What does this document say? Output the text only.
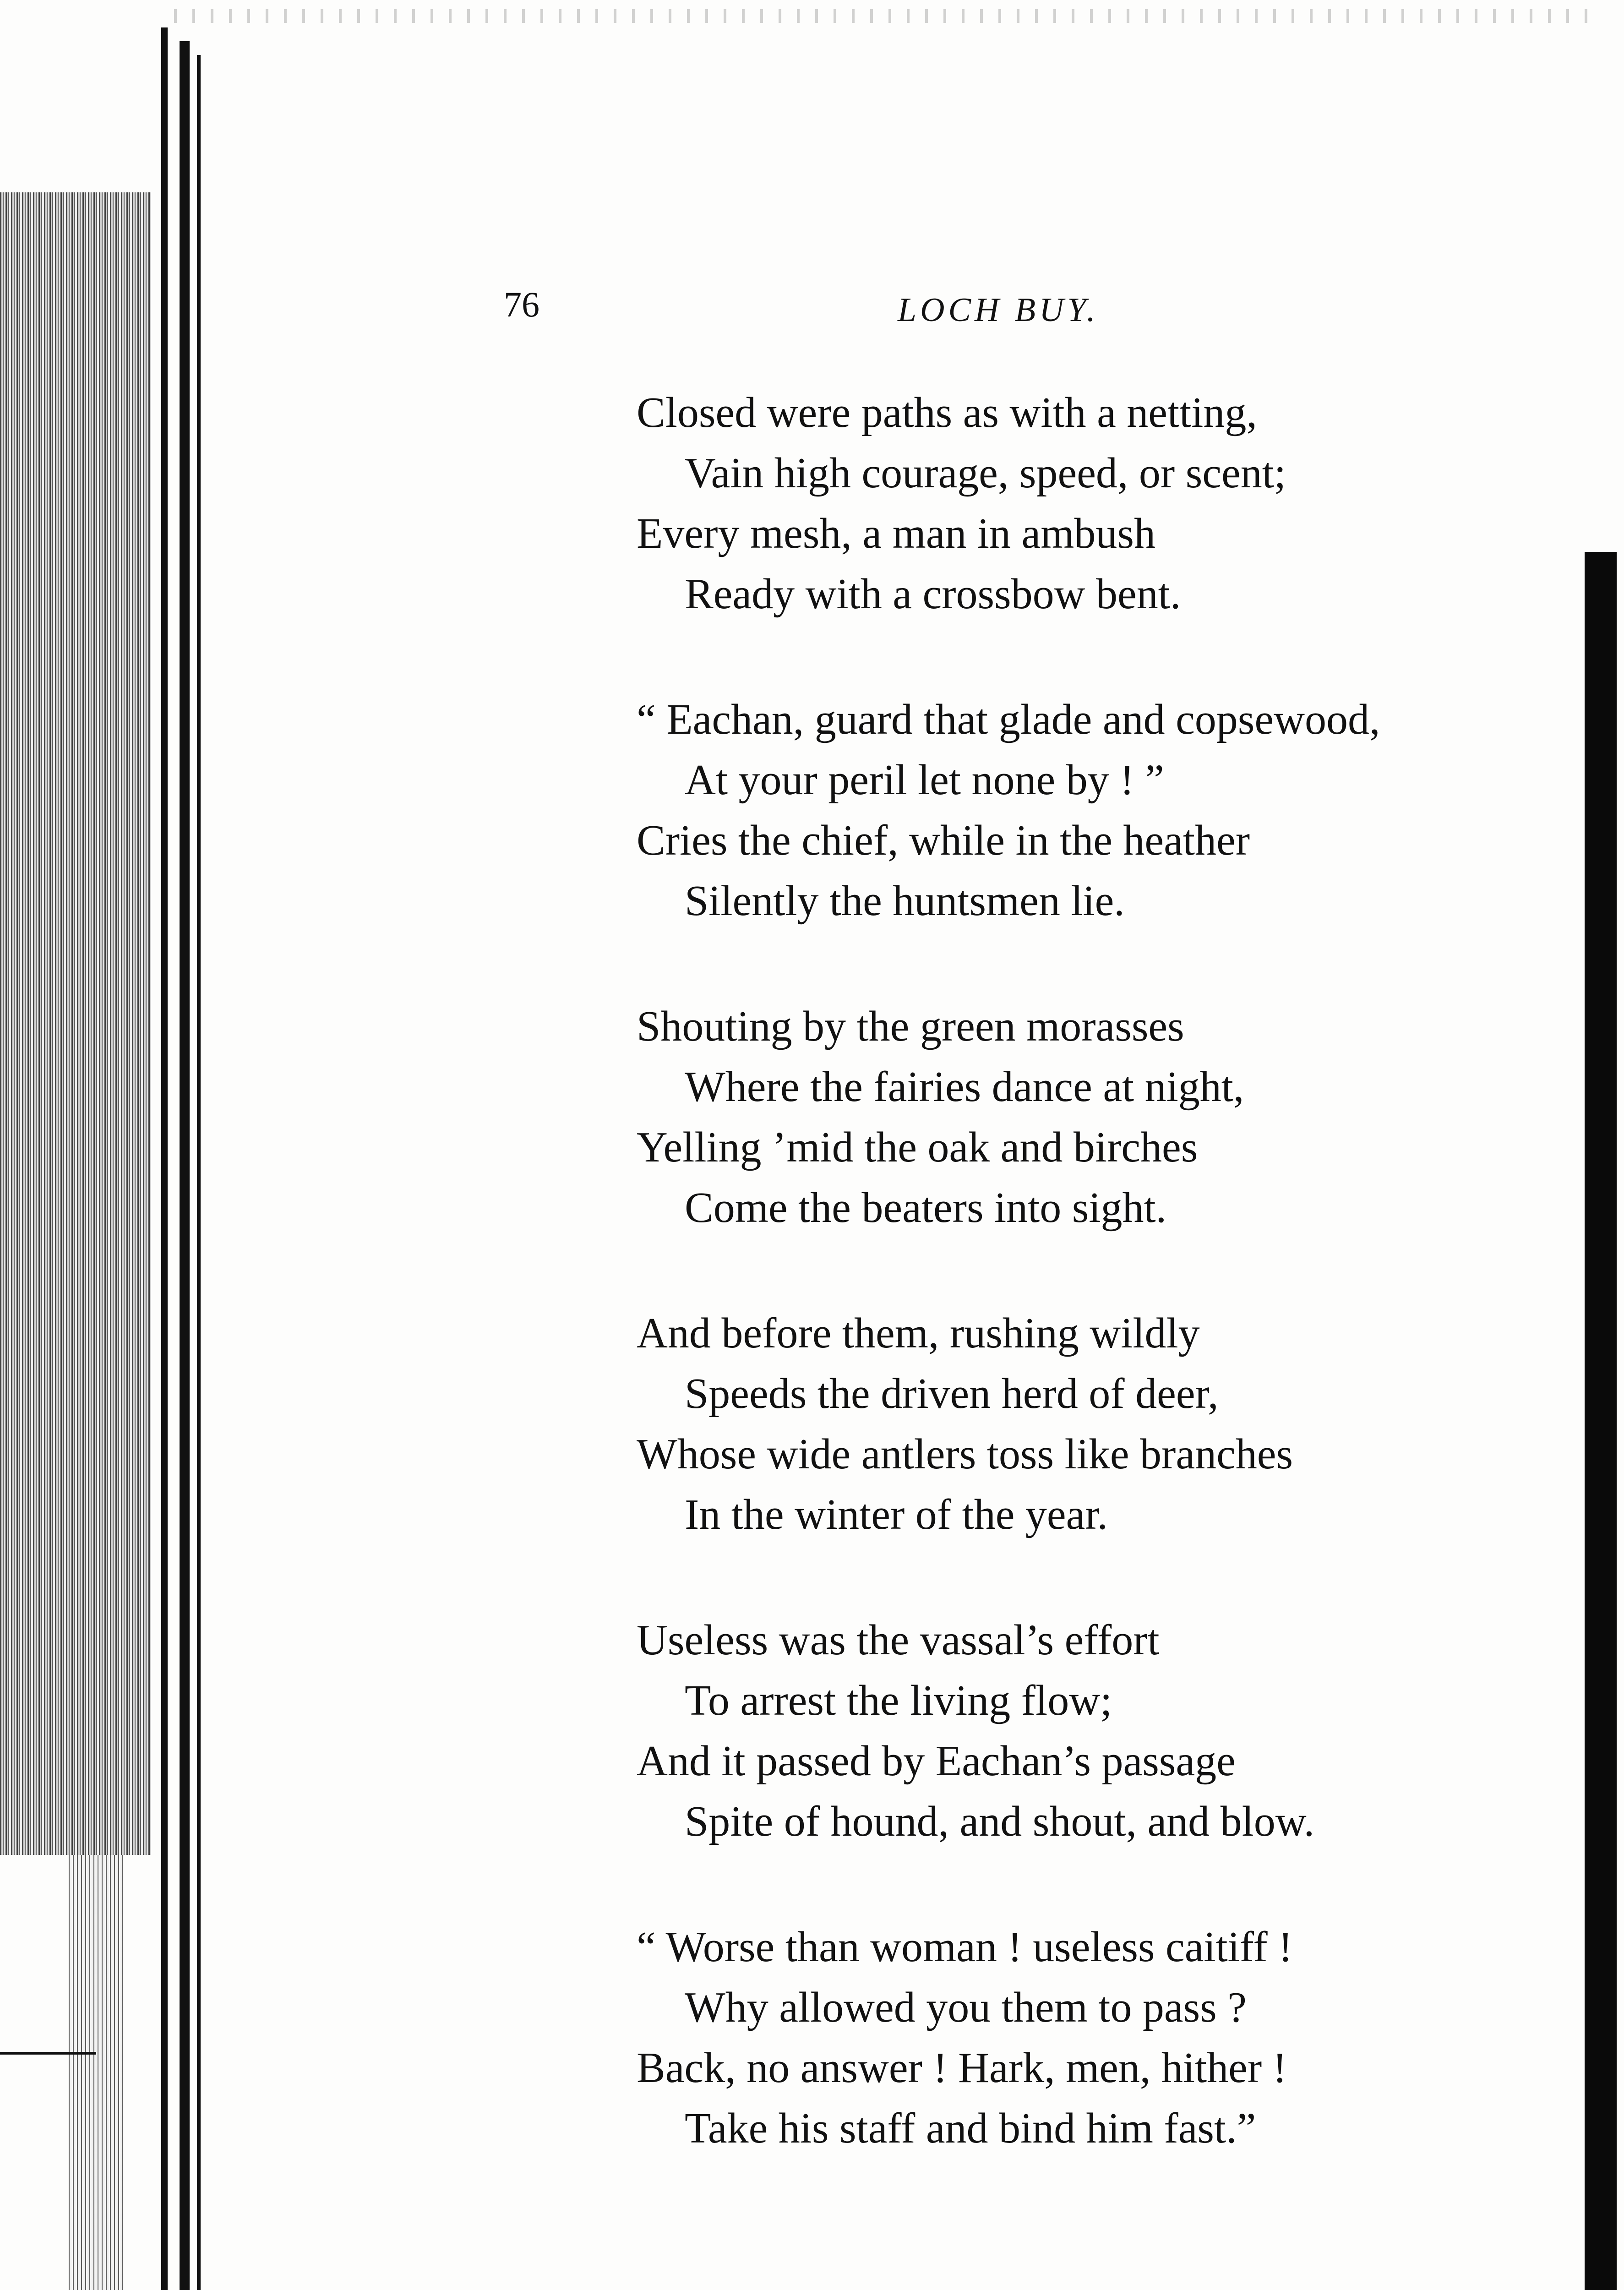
76	LOCH BUY.
Closed were paths as with a netting,
Vain high courage, speed, or scent;
Every mesh, a man in ambush
Ready with a crossbow bent.
“ Eachan, guard that glade and copsewood,
At your peril let none by ! ”
Cries the chief, while in the heather
Silently the huntsmen lie.
Shouting by the green morasses
Where the fairies dance at night,
Yelling ’mid the oak and birches
Come the beaters into sight.
And before them, rushing wildly
Speeds the driven herd of deer,
Whose wide antlers toss like branches
In the winter of the year.
Useless was the vassal’s effort
To arrest the living flow;
And it passed by Eachan’s passage
Spite of hound, and shout, and blow.
“ Worse than woman ! useless caitiff !
Why allowed you them to pass ?
Back, no answer ! Hark, men, hither !
Take his staff and bind him fast.”
